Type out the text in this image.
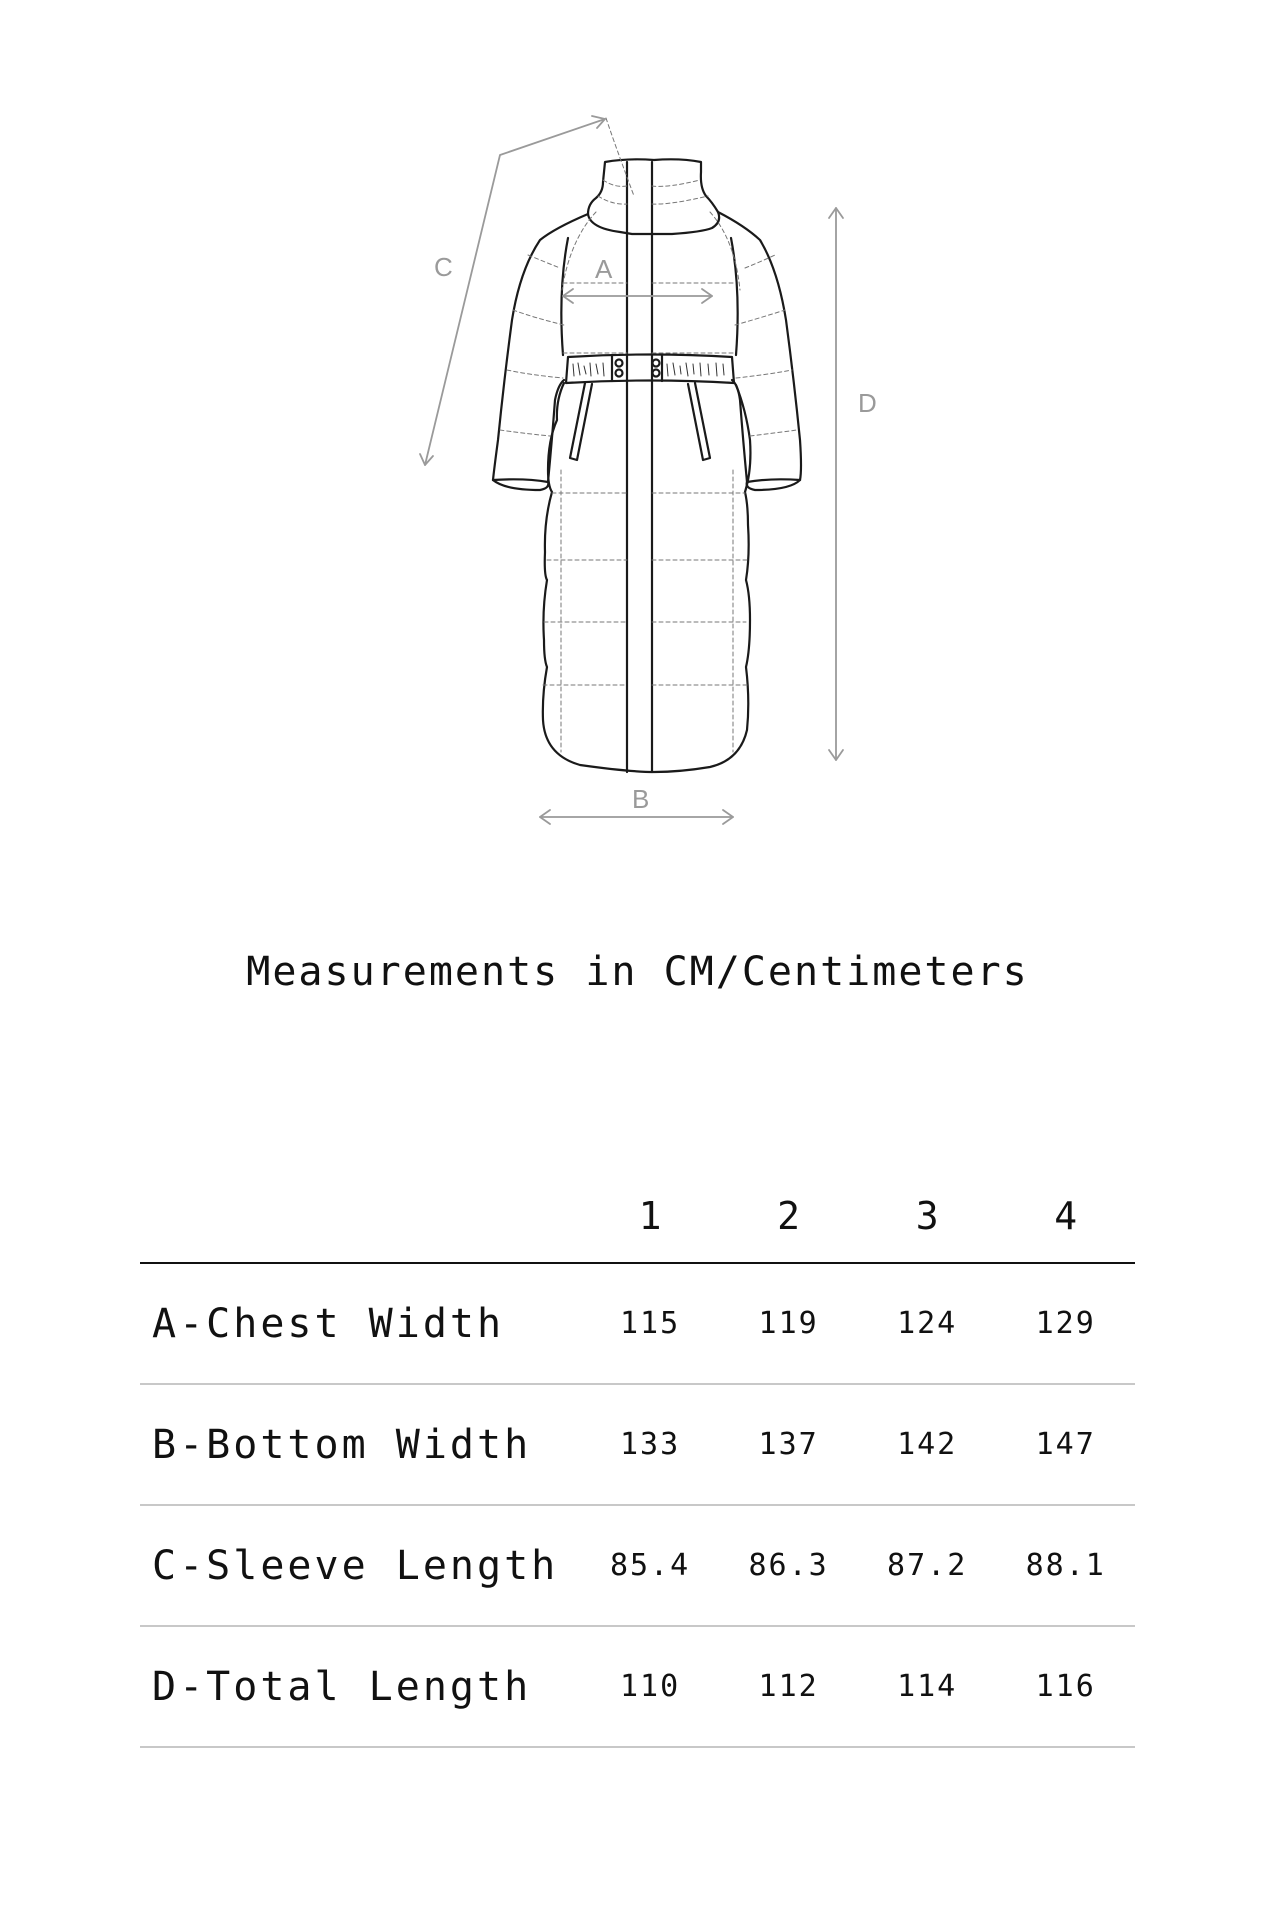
A
B
C
D
Measurements in CM/Centimeters
	1	2	3	4
A-Chest Width	115	119	124	129
B-Bottom Width	133	137	142	147
C-Sleeve Length	85.4	86.3	87.2	88.1
D-Total Length	110	112	114	116
